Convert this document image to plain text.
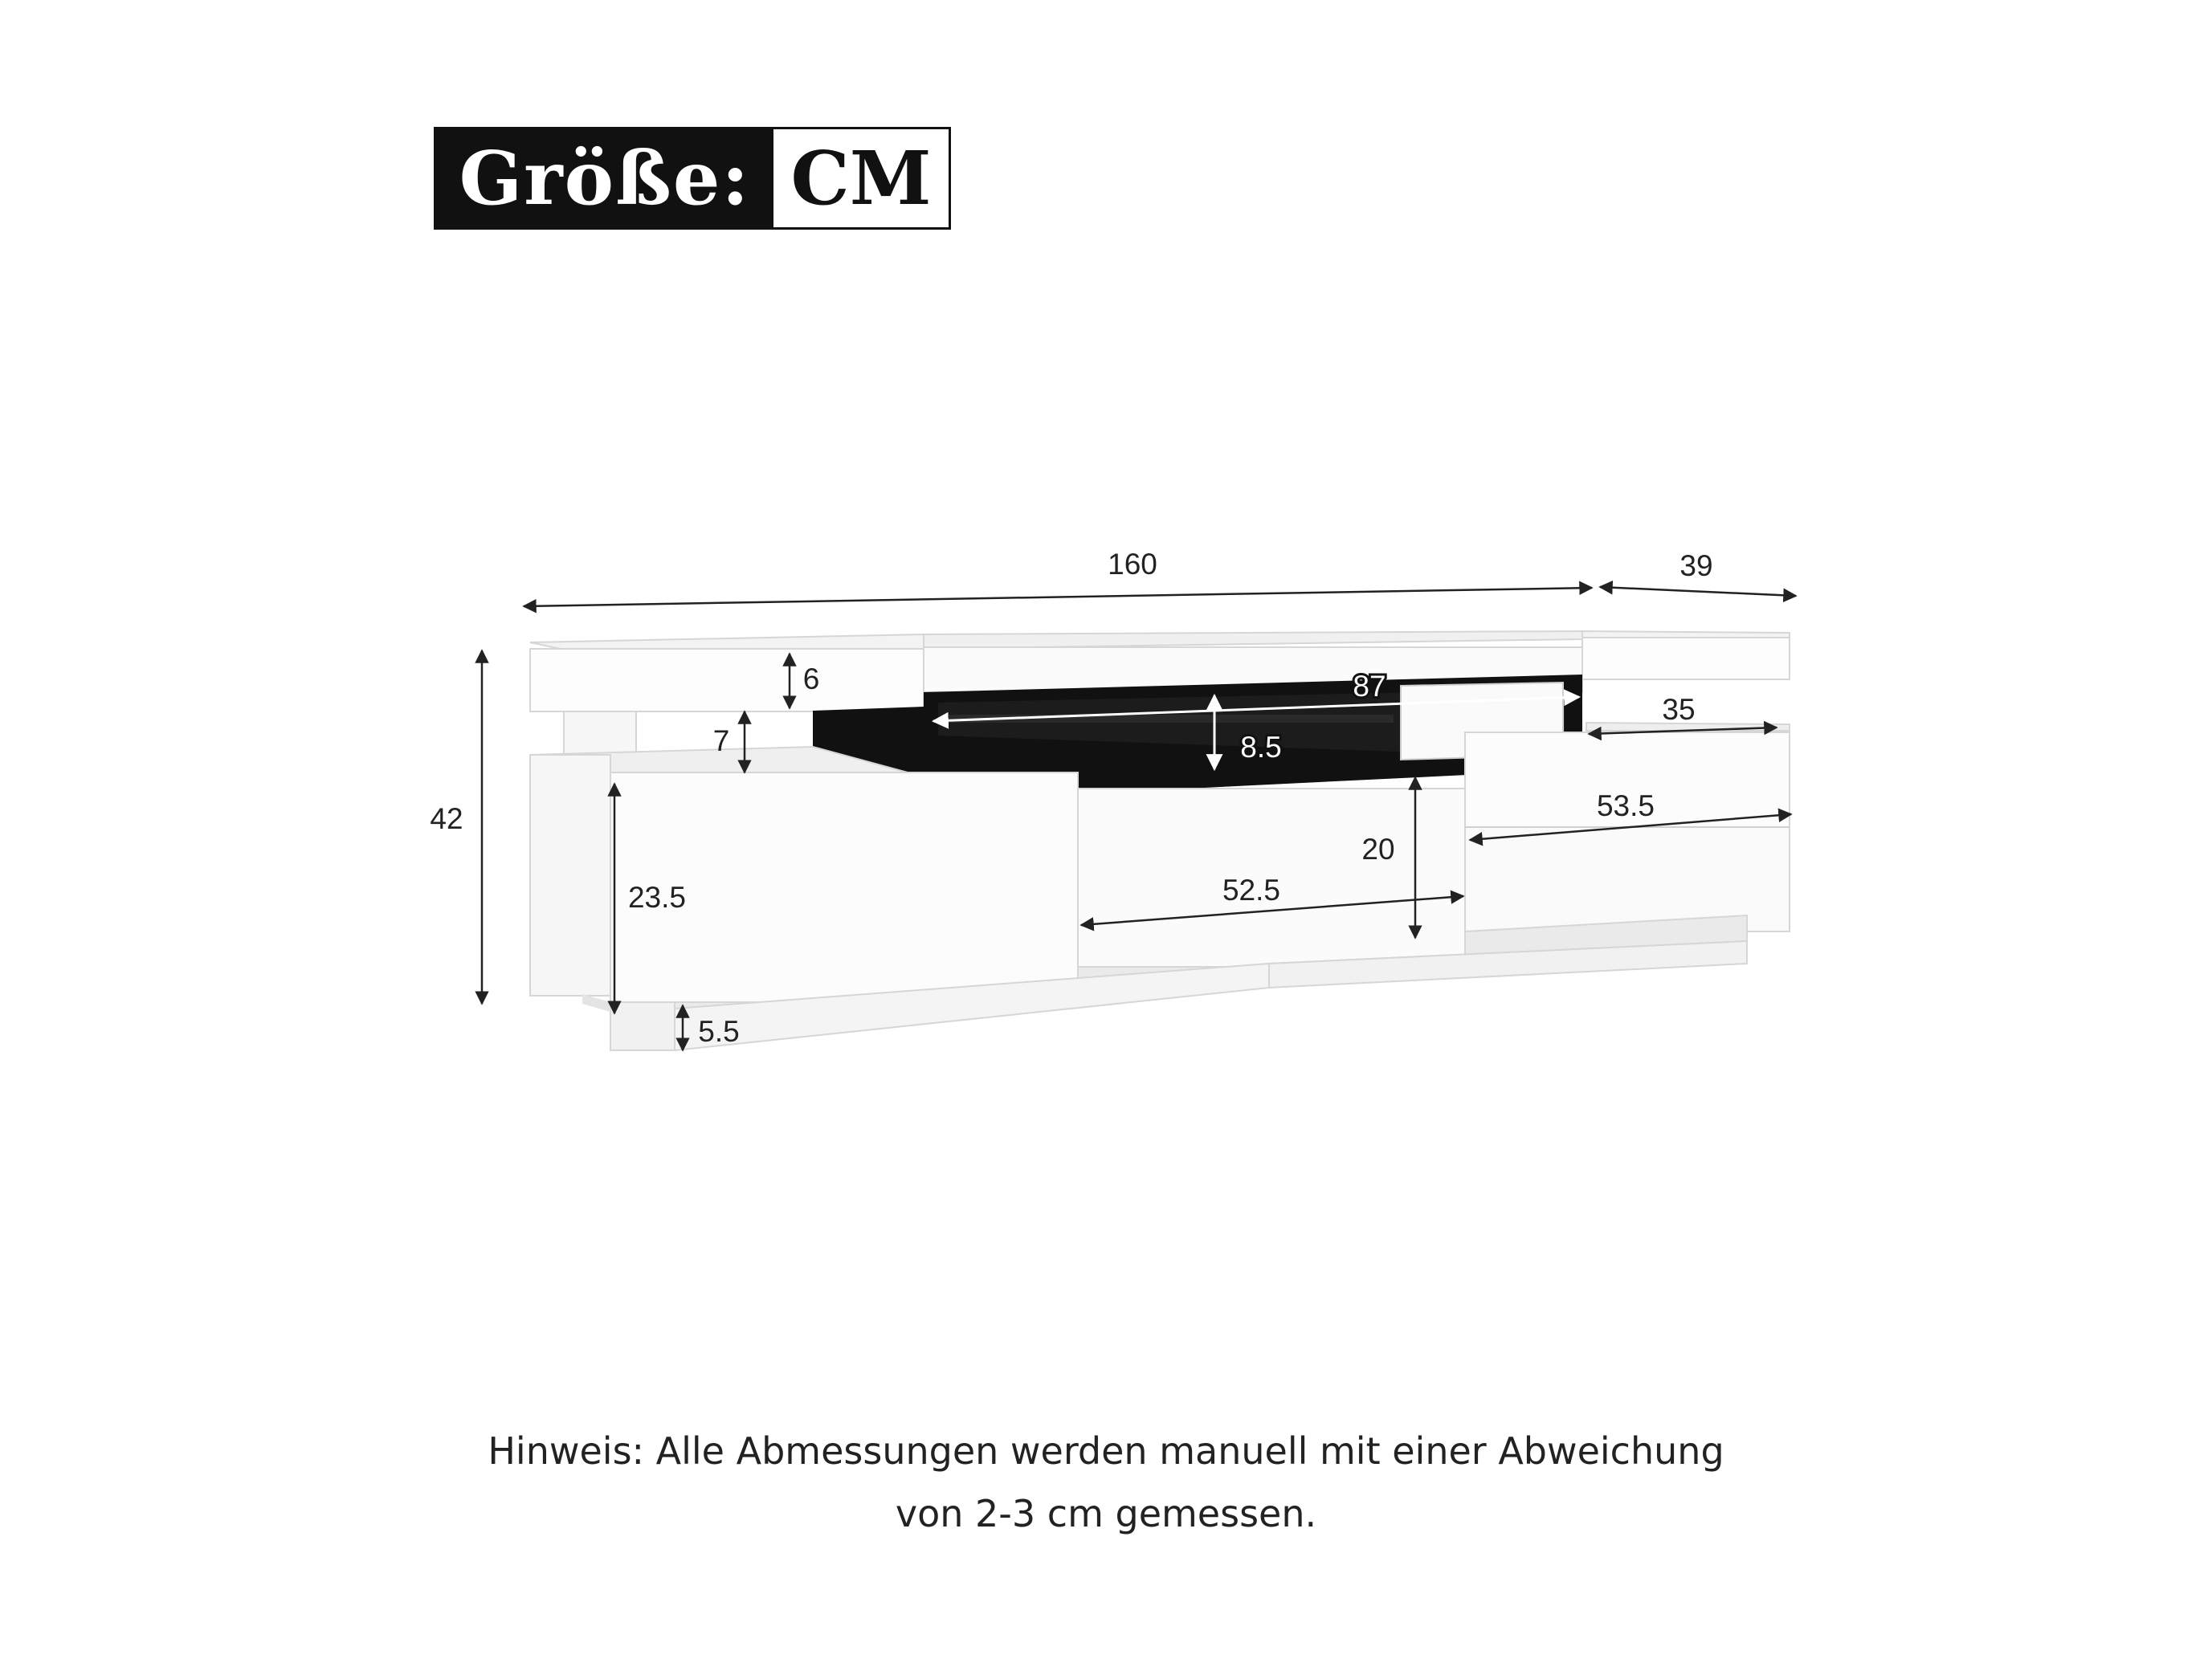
Größe: CM
160	39
42
6
7
87
8.5
35
53.5
20
52.5
23.5
5.5
Hinweis: Alle Abmessungen werden manuell mit einer Abweichung
von 2-3 cm gemessen.
